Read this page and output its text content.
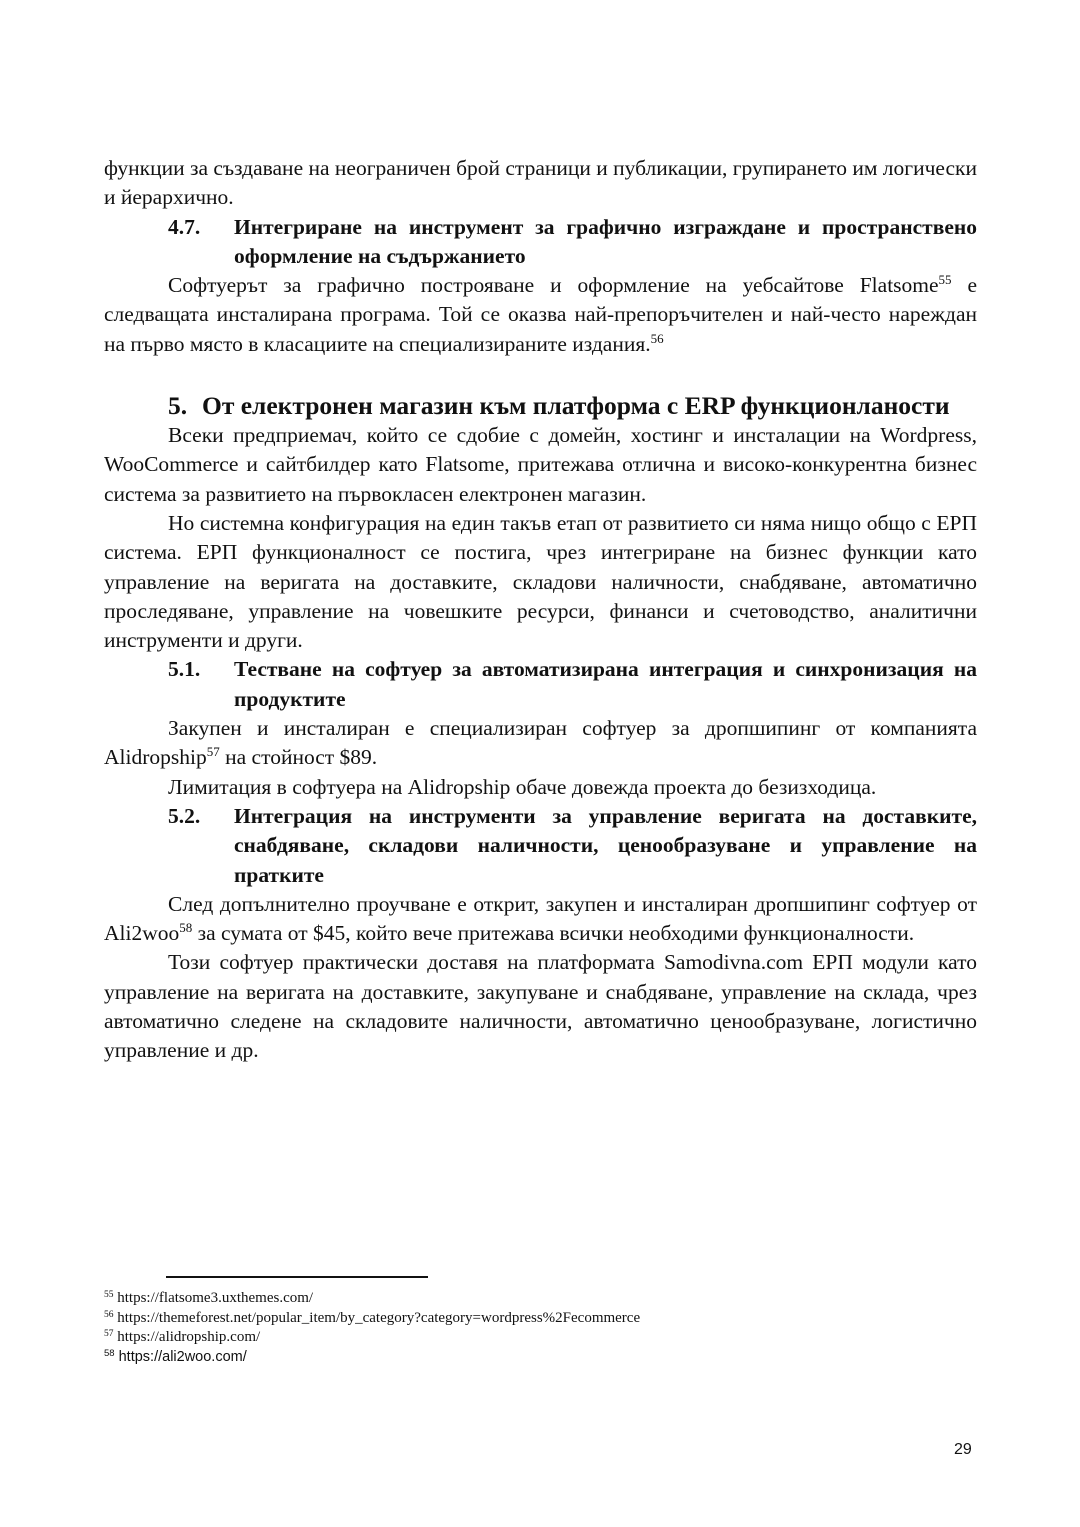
функции за създаване на неограничен брой страници и публикации, групирането им логически и йерархично.

4.7.	Интегриране на инструмент за графично изграждане и пространствено оформление на съдържанието

Софтуерът за графично построяване и оформление на уебсайтове Flatsome$^{55}$ е следващата инсталирана програма. Той се оказва най-препоръчителен и най-често нареждан на първо място в класациите на специализираните издания.$^{56}$

5. От електронен магазин към платформа с ERP функционланости

Всеки предприемач, който се сдобие с домейн, хостинг и инсталации на Wordpress, WooCommerce и сайтбилдер като Flatsome, притежава отлична и високо-конкурентна бизнес система за развитието на първокласен електронен магазин.

Но системна конфигурация на един такъв етап от развитието си няма нищо общо с ЕРП система. ЕРП функционалност се постига, чрез интегриране на бизнес функции като управление на веригата на доставките, складови наличности, снабдяване, автоматично проследяване, управление на човешките ресурси, финанси и счетоводство, аналитични инструменти и други.

5.1.	Тестване на софтуер за автоматизирана интеграция и синхронизация на продуктите

Закупен и инсталиран е специализиран софтуер за дропшипинг от компанията Alidropship$^{57}$ на стойност $89.

Лимитация в софтуера на Alidropship обаче довежда проекта до безизходица.

5.2.	Интеграция на инструменти за управление веригата на доставките, снабдяване, складови наличности, ценообразуване и управление на пратките

След допълнително проучване е открит, закупен и инсталиран дропшипинг софтуер от Ali2woo$^{58}$ за сумата от $45, който вече притежава всички необходими функционалности.

Този софтуер практически доставя на платформата Samodivna.com ЕРП модули като управление на веригата на доставките, закупуване и снабдяване, управление на склада, чрез автоматично следене на складовите наличности, автоматично ценообразуване, логистично управление и др.

$^{55}$ https://flatsome3.uxthemes.com/
$^{56}$ https://themeforest.net/popular_item/by_category?category=wordpress%2Fecommerce
$^{57}$ https://alidropship.com/
$^{58}$ https://ali2woo.com/
29
